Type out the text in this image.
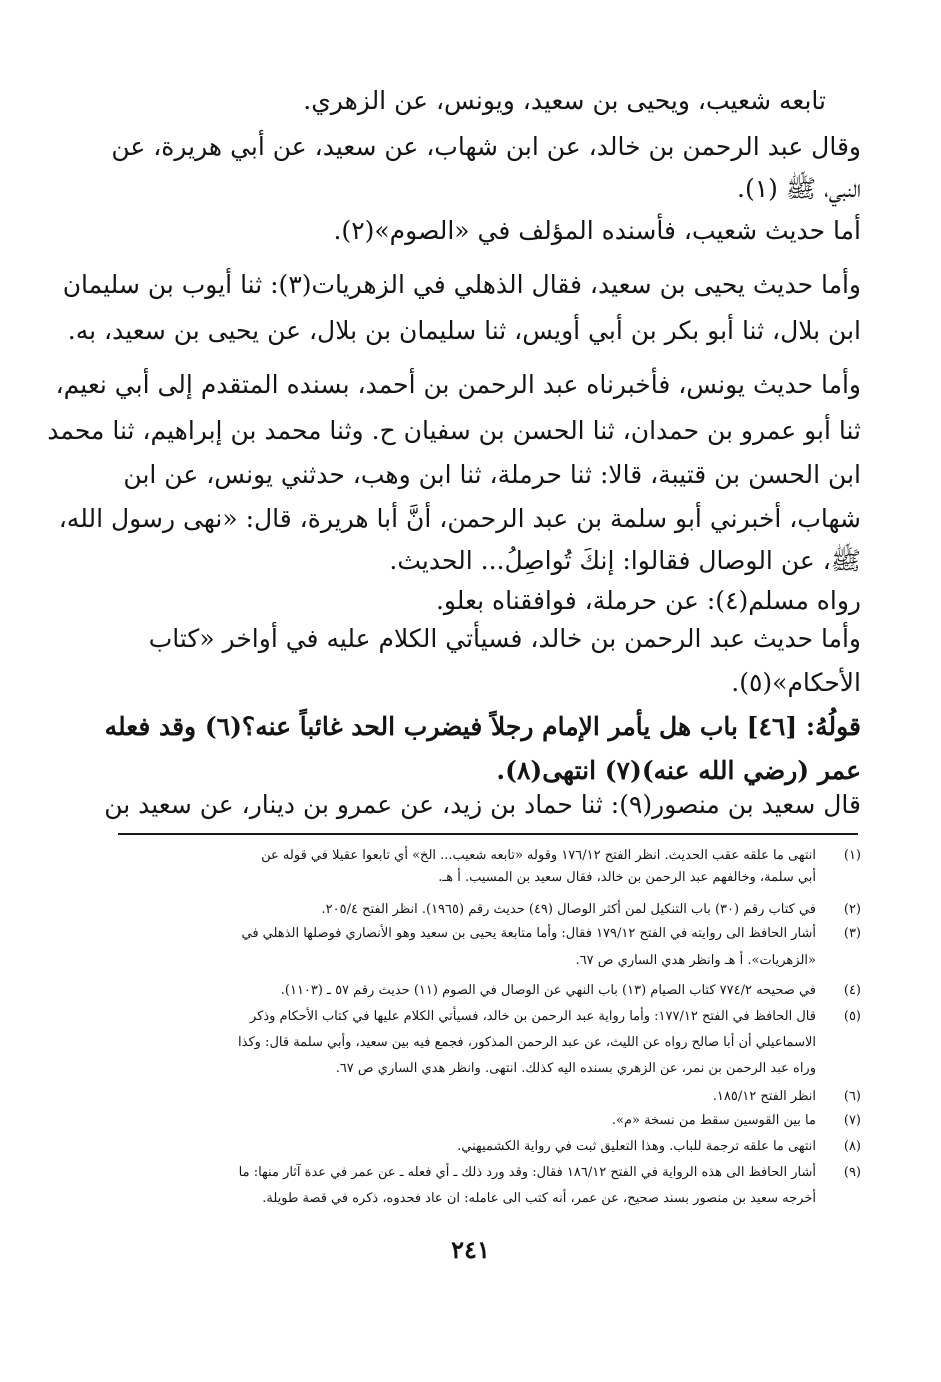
تابعه شعيب، ويحيى بن سعيد، ويونس، عن الزهري.
وقال عبد الرحمن بن خالد، عن ابن شهاب، عن سعيد، عن أبي هريرة، عن
النبي، ﷺ (١).
أما حديث شعيب، فأسنده المؤلف في «الصوم»(٢).
وأما حديث يحيى بن سعيد، فقال الذهلي في الزهريات(٣): ثنا أيوب بن سليمان
ابن بلال، ثنا أبو بكر بن أبي أويس، ثنا سليمان بن بلال، عن يحيى بن سعيد، به.
وأما حديث يونس، فأخبرناه عبد الرحمن بن أحمد، بسنده المتقدم إلى أبي نعيم،
ثنا أبو عمرو بن حمدان، ثنا الحسن بن سفيان ح. وثنا محمد بن إبراهيم، ثنا محمد
ابن الحسن بن قتيبة، قالا: ثنا حرملة، ثنا ابن وهب، حدثني يونس، عن ابن
شهاب، أخبرني أبو سلمة بن عبد الرحمن، أنَّ أبا هريرة، قال: «نهى رسول الله،
ﷺ، عن الوصال فقالوا: إنكَ تُواصِلُ... الحديث.
رواه مسلم(٤): عن حرملة، فوافقناه بعلو.
وأما حديث عبد الرحمن بن خالد، فسيأتي الكلام عليه في أواخر «كتاب
الأحكام»(٥).
قولُهُ: [٤٦] باب هل يأمر الإمام رجلاً فيضرب الحد غائباً عنه؟(٦) وقد فعله
عمر (رضي الله عنه)(٧) انتهى(٨).
قال سعيد بن منصور(٩): ثنا حماد بن زيد، عن عمرو بن دينار، عن سعيد بن
(١)
انتهى ما علقه عقب الحديث. انظر الفتح ١٧٦/١٢ وقوله «تابعه شعيب... الخ» أي تابعوا عقيلا في قوله عن
أبي سلمة، وخالفهم عبد الرحمن بن خالد، فقال سعيد بن المسيب. أ هـ.
(٢)
في كتاب رقم (٣٠) باب التنكيل لمن أكثر الوصال (٤٩) حديث رقم (١٩٦٥). انظر الفتح ٢٠٥/٤.
(٣)
أشار الحافظ الى روايته في الفتح ١٧٩/١٢ فقال: وأما متابعة يحيى بن سعيد وهو الأنصاري فوصلها الذهلي في
«الزهريات». أ هـ وانظر هدي الساري ص ٦٧.
(٤)
في صحيحه ٧٧٤/٢ كتاب الصيام (١٣) باب النهي عن الوصال في الصوم (١١) حديث رقم ٥٧ ـ (١١٠٣).
(٥)
قال الحافظ في الفتح ١٧٧/١٢: وأما رواية عبد الرحمن بن خالد، فسيأتي الكلام عليها في كتاب الأحكام وذكر
الاسماعيلي أن أبا صالح رواه عن الليث، عن عبد الرحمن المذكور، فجمع فيه بين سعيد، وأبي سلمة قال: وكذا
وراه عبد الرحمن بن نمر، عن الزهري بسنده اليه كذلك. انتهى. وانظر هدي الساري ص ٦٧.
(٦)
انظر الفتح ١٨٥/١٢.
(٧)
ما بين القوسين سقط من نسخة «م».
(٨)
انتهى ما علقه ترجمة للباب. وهذا التعليق ثبت في رواية الكشميهني.
(٩)
أشار الحافظ الى هذه الرواية في الفتح ١٨٦/١٢ فقال: وقد ورد ذلك ـ أي فعله ـ عن عمر في عدة آثار منها: ما
أخرجه سعيد بن منصور بسند صحيح، عن عمر، أنه كتب الى عامله: ان عاد فحدوه، ذكره في قصة طويلة.
٢٤١
